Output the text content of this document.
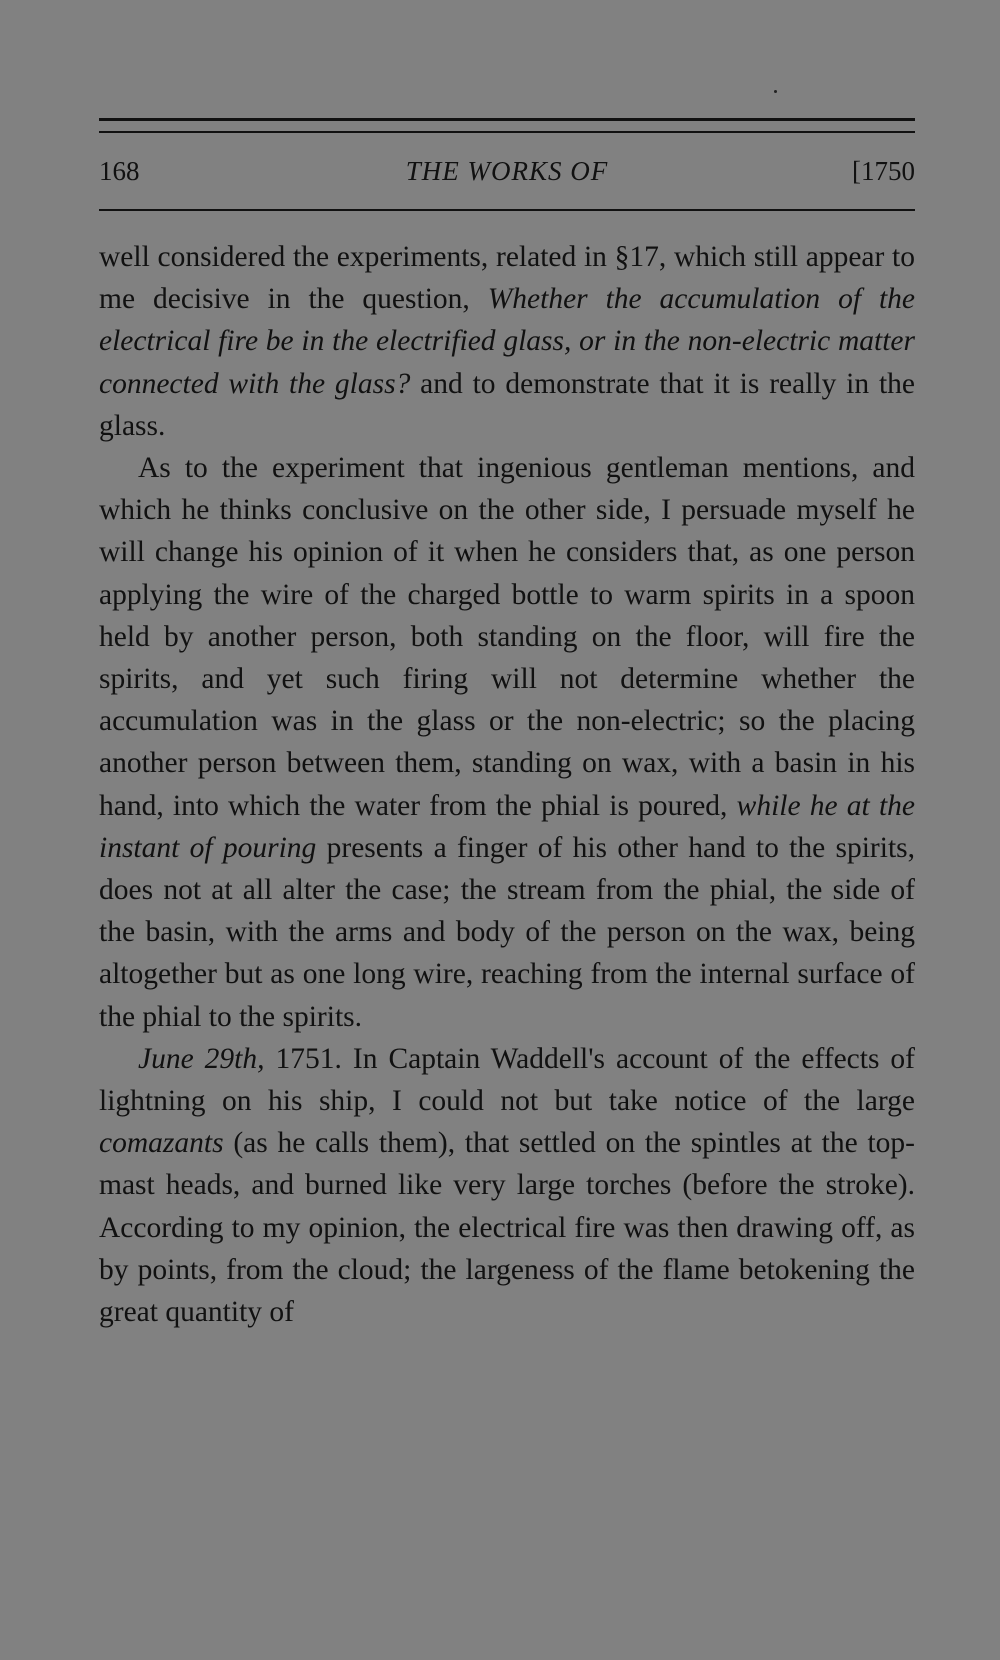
168	THE WORKS OF	[1750

well considered the experiments, related in §17, which still appear to me decisive in the question, Whether the accumulation of the electrical fire be in the electrified glass, or in the non-electric matter connected with the glass? and to demonstrate that it is really in the glass.

As to the experiment that ingenious gentleman mentions, and which he thinks conclusive on the other side, I persuade myself he will change his opinion of it when he considers that, as one person applying the wire of the charged bottle to warm spirits in a spoon held by another person, both standing on the floor, will fire the spirits, and yet such firing will not determine whether the accumulation was in the glass or the non-electric; so the placing another person between them, standing on wax, with a basin in his hand, into which the water from the phial is poured, while he at the instant of pouring presents a finger of his other hand to the spirits, does not at all alter the case; the stream from the phial, the side of the basin, with the arms and body of the person on the wax, being altogether but as one long wire, reaching from the internal surface of the phial to the spirits.

June 29th, 1751. In Captain Waddell's account of the effects of lightning on his ship, I could not but take notice of the large comazants (as he calls them), that settled on the spintles at the top-mast heads, and burned like very large torches (before the stroke). According to my opinion, the electrical fire was then drawing off, as by points, from the cloud; the largeness of the flame betokening the great quantity of
